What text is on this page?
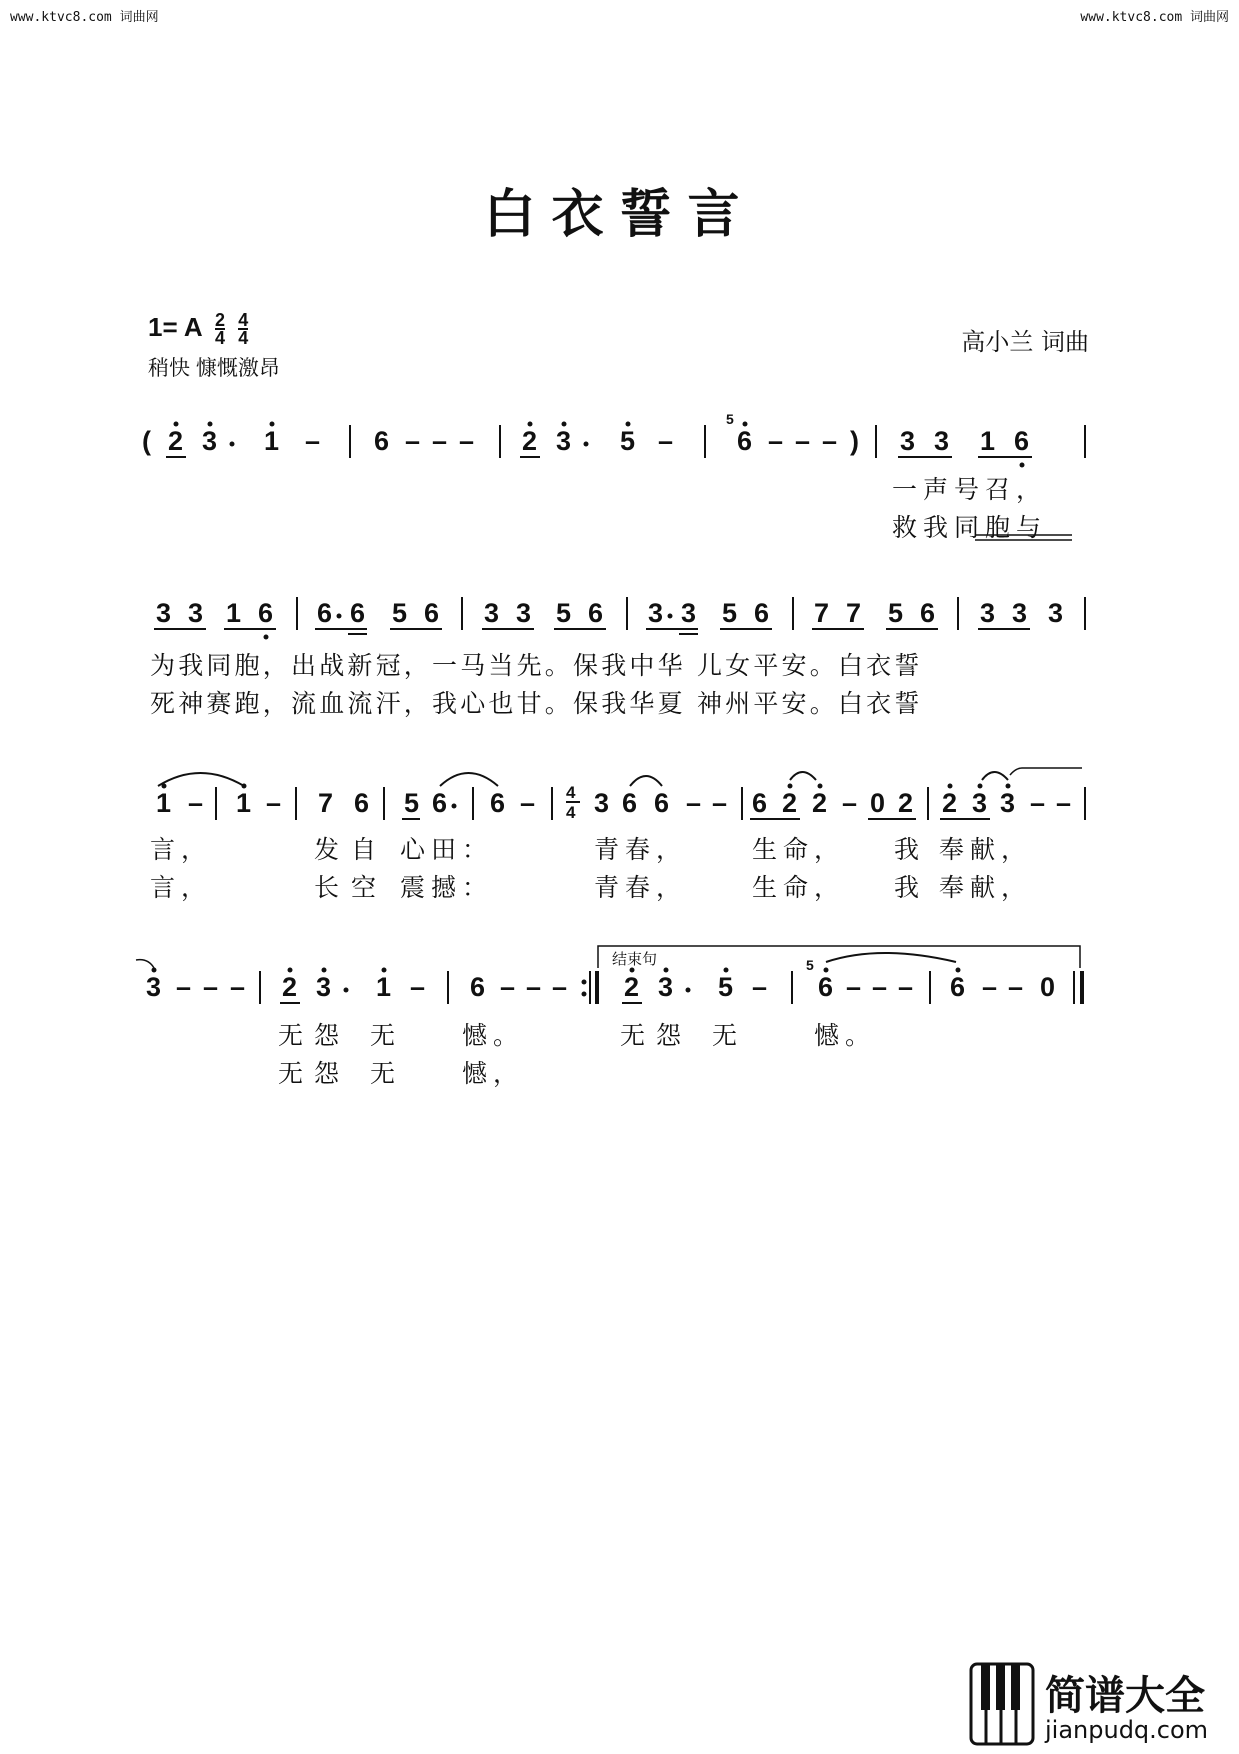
www.ktvc8.com 词曲网	www.ktvc8.com 词曲网
白衣誓言
1= A 2
4
4
4
稍快 慷慨激昂
高小兰 词曲
( 2 3 1 – 6 – – – 2 3 5 –
5
6 – – – ) 3 3 1 6
3 3 1 6 6 6 5 6 3 3 5 6 3 3 5 6 7 7 5 6 3 3 3
1 – 1 – 7 6 5 6 6 – 4
4 3 6 6 – – 6 2 2 – 0 2 2 3 3 – –
3 – – – 2 3 1 – 6 – – – 2 3 5 –
5
6 – – – 6 – – 0
结束句
一声号召，
救我同胞与
为我同胞，出战新冠，一马当先。保我中华 儿女平安。白衣誓
死神赛跑，流血流汗，我心也甘。保我华夏 神州平安。白衣誓
言，	发自 心田：	青春，	生命， 我 奉献，
言，	长空 震撼：	青春，	生命， 我 奉献，
无 怨 无 憾。	无 怨 无	憾。
无 怨 无 憾，
简谱大全
jianpudq.com
